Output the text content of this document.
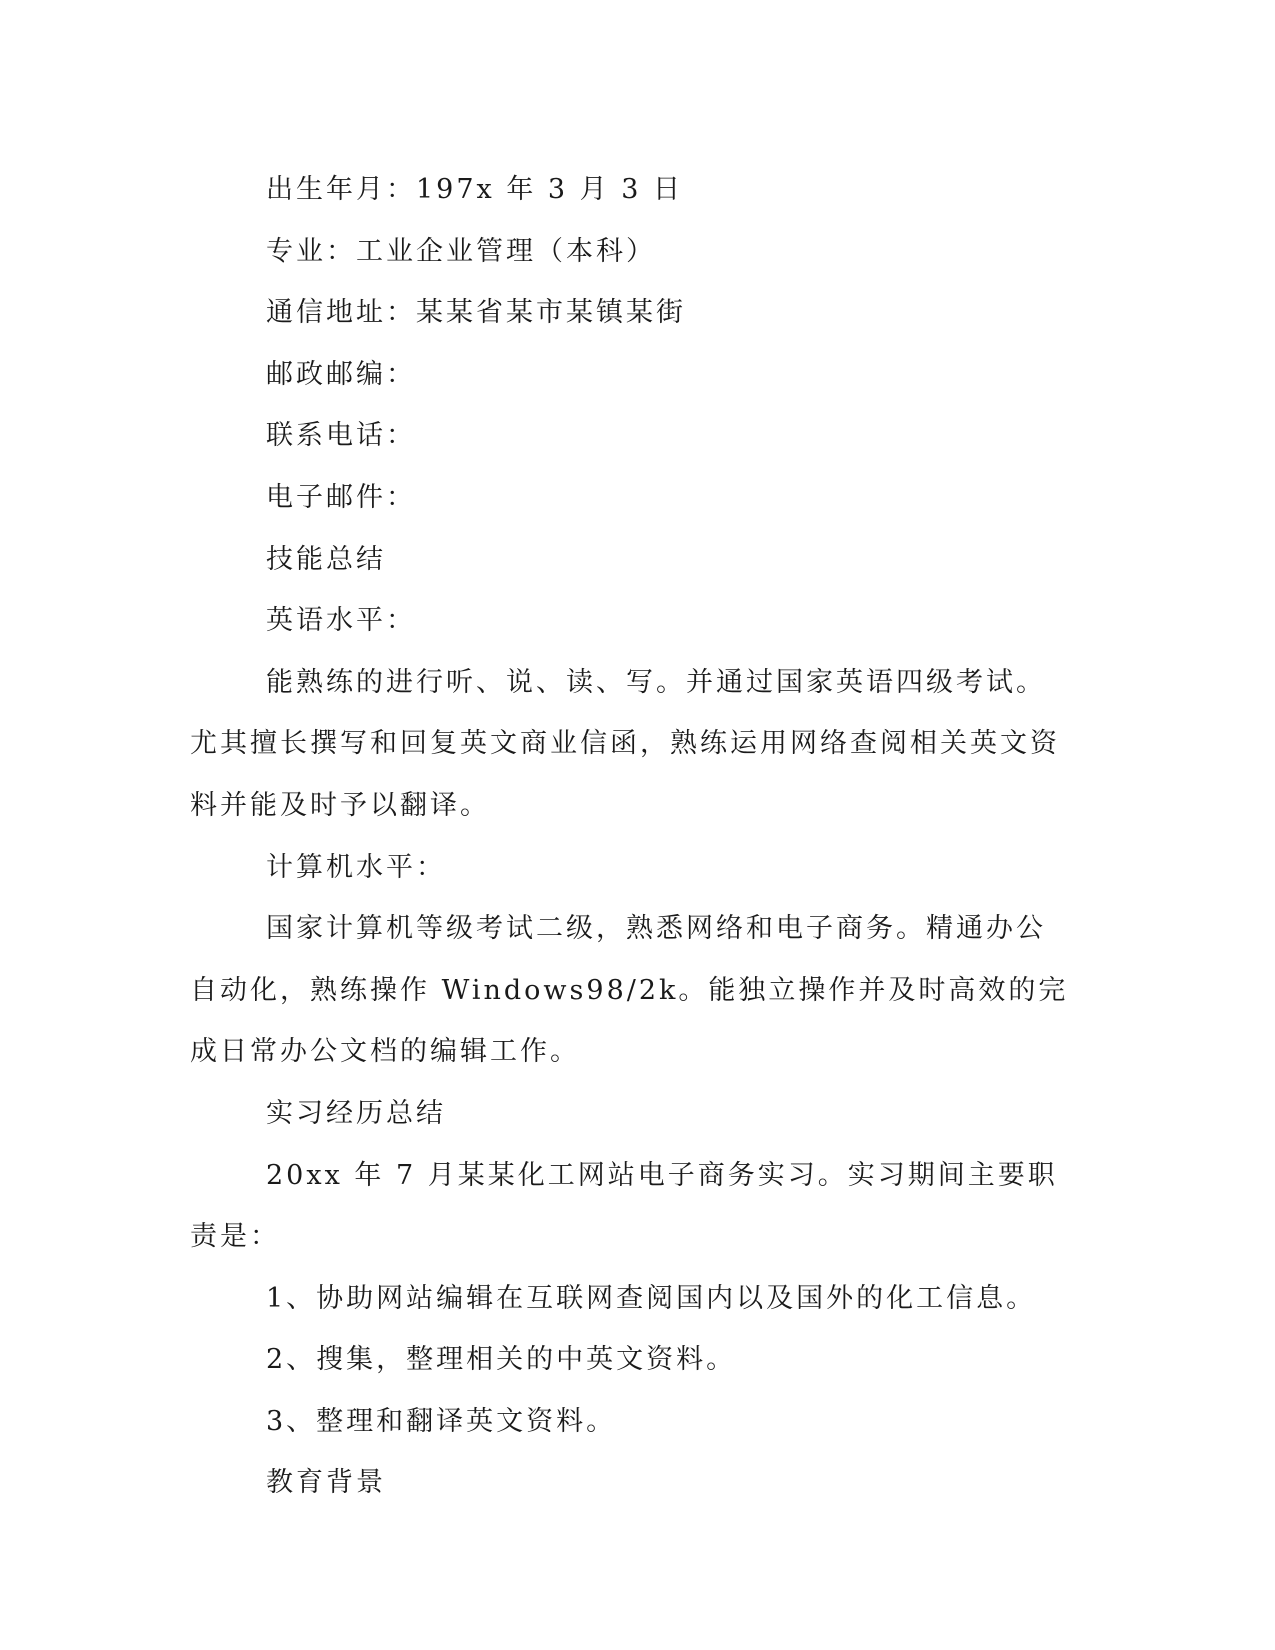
出生年月：197x 年 3 月 3 日

专业：工业企业管理（本科）

通信地址：某某省某市某镇某街

邮政邮编：

联系电话：

电子邮件：

技能总结

英语水平：

能熟练的进行听、说、读、写。并通过国家英语四级考试。尤其擅长撰写和回复英文商业信函，熟练运用网络查阅相关英文资料并能及时予以翻译。

计算机水平：

国家计算机等级考试二级，熟悉网络和电子商务。精通办公自动化，熟练操作 Windows98/2k。能独立操作并及时高效的完成日常办公文档的编辑工作。

实习经历总结

20xx 年 7 月某某化工网站电子商务实习。实习期间主要职责是：

1、协助网站编辑在互联网查阅国内以及国外的化工信息。

2、搜集，整理相关的中英文资料。

3、整理和翻译英文资料。

教育背景
